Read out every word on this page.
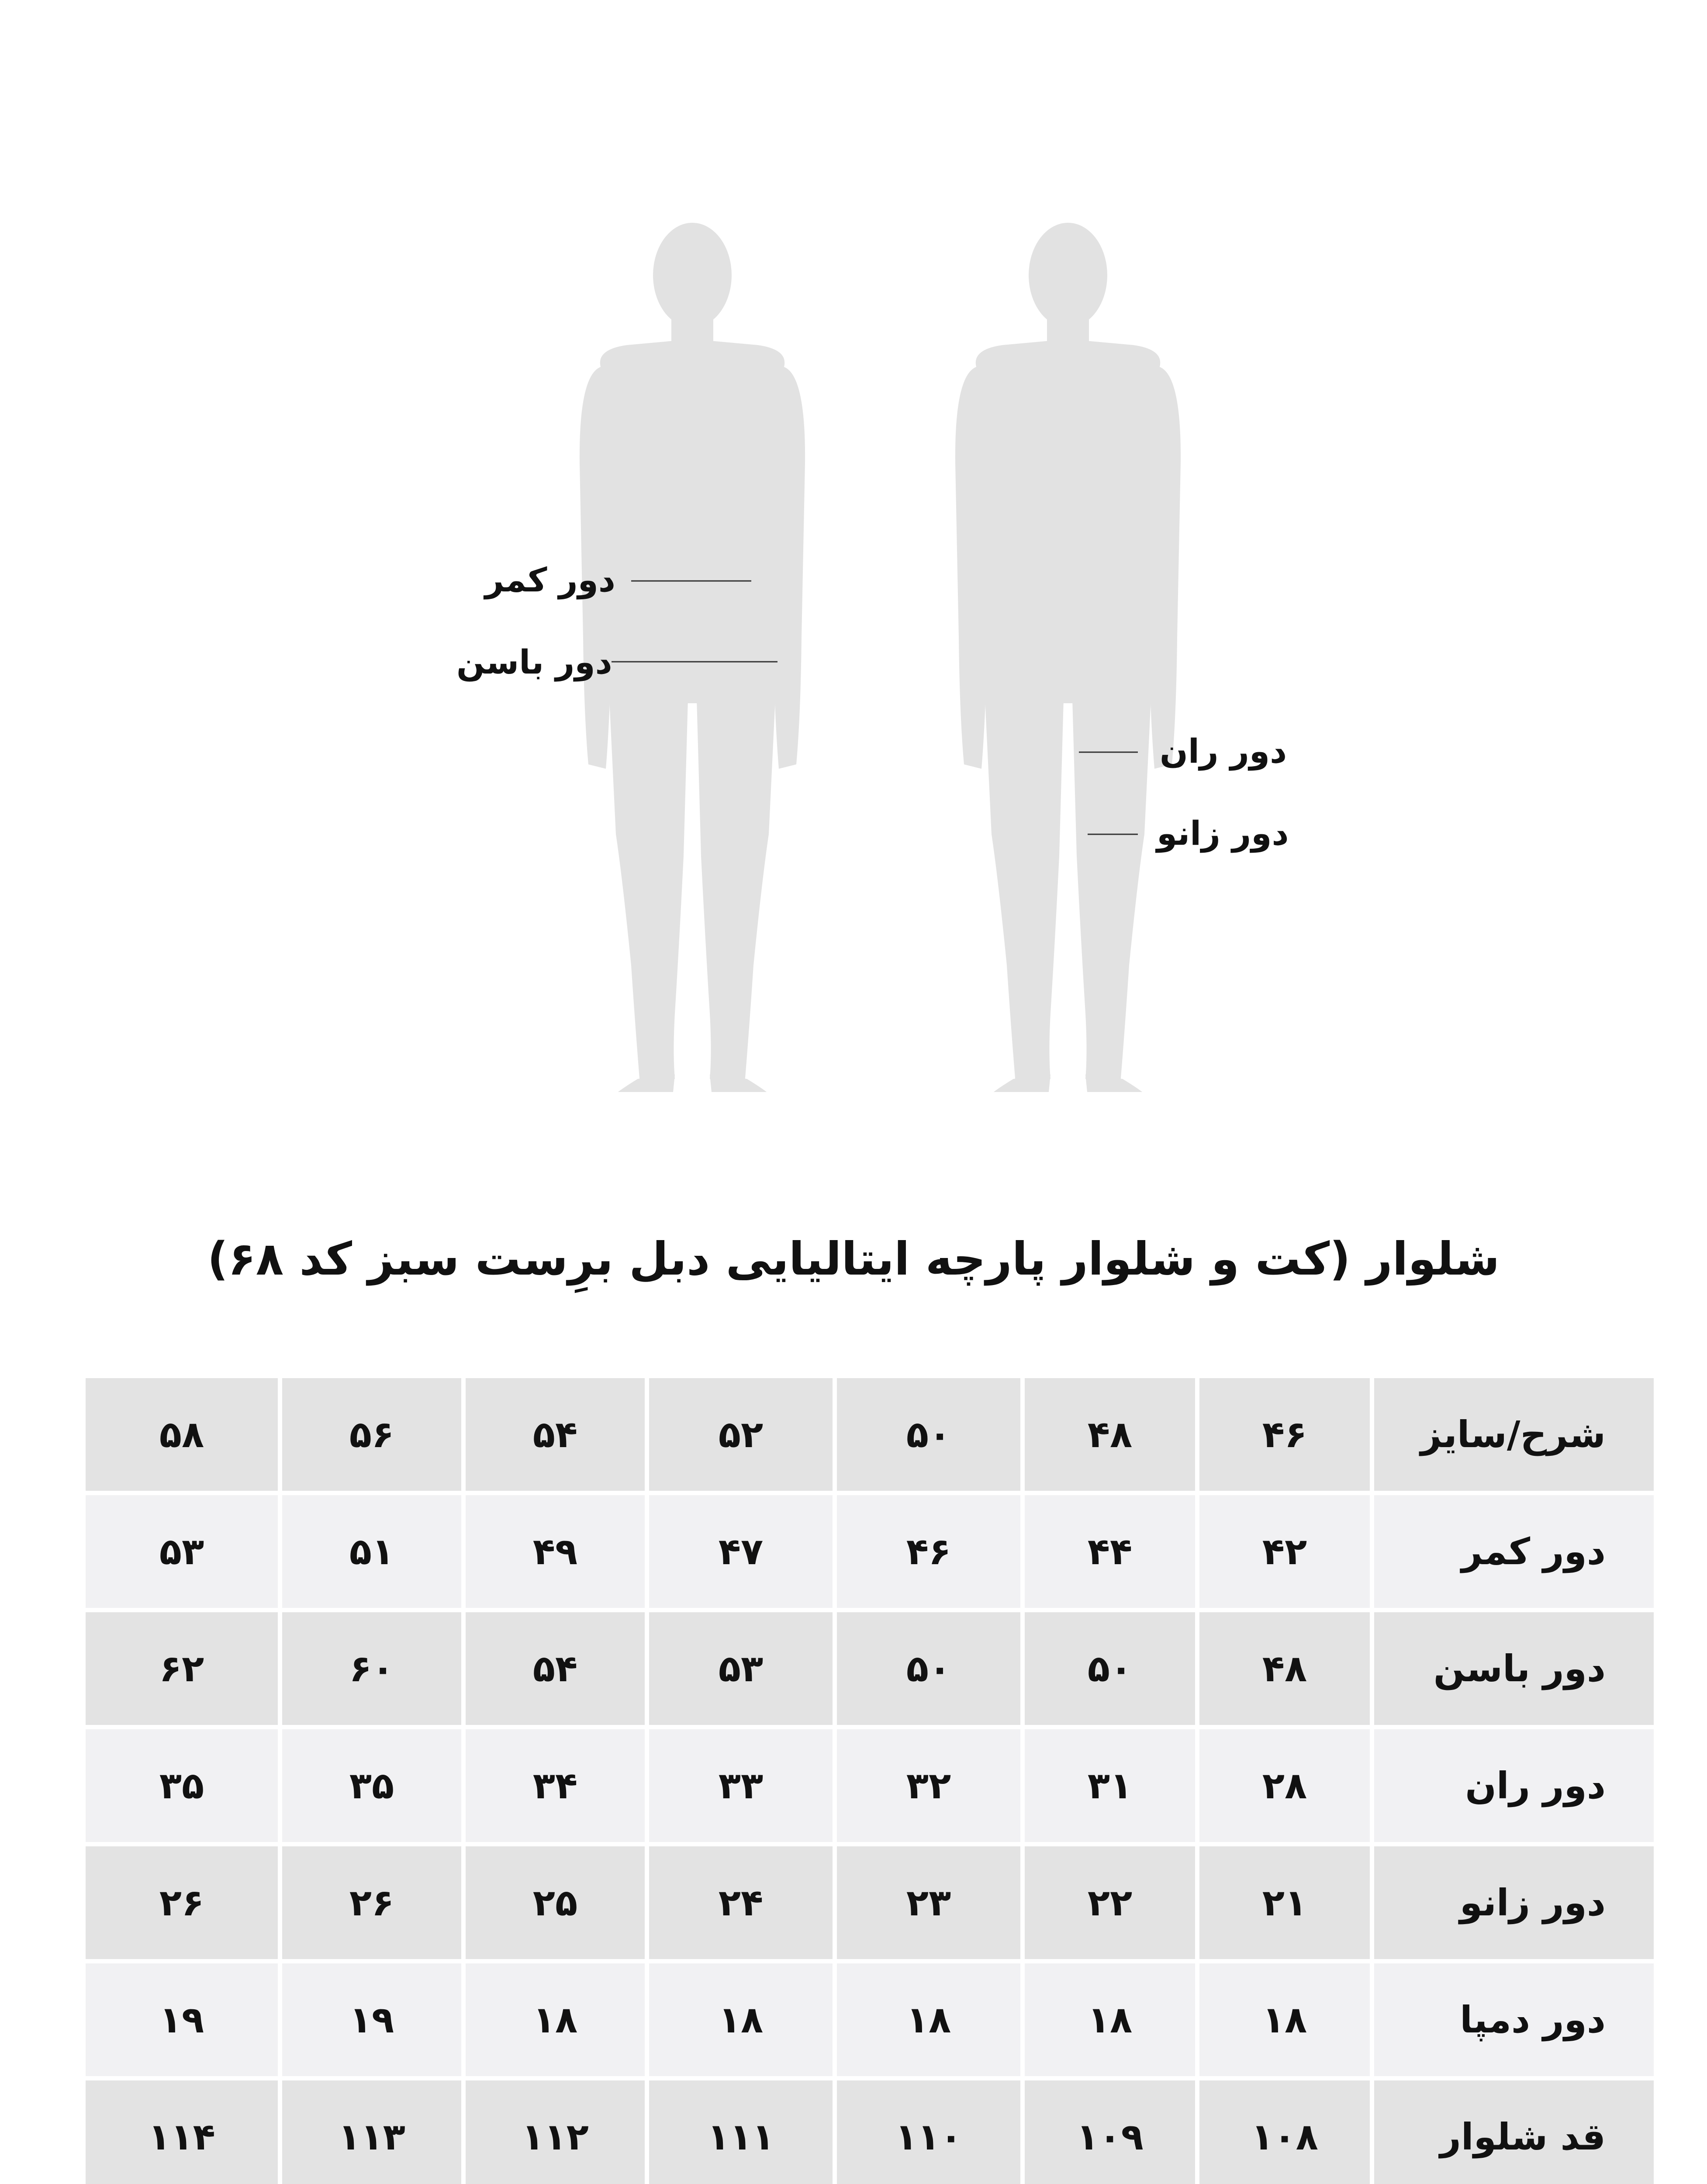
دور کمر
دور باسن
دور ران
دور زانو
شلوار (کت و شلوار پارچه ایتالیایی دبل برِست سبز کد ۶۸)
شرح/سایز	۴۶	۴۸	۵۰	۵۲	۵۴	۵۶	۵۸
دور کمر	۴۲	۴۴	۴۶	۴۷	۴۹	۵۱	۵۳
دور باسن	۴۸	۵۰	۵۰	۵۳	۵۴	۶۰	۶۲
دور ران	۲۸	۳۱	۳۲	۳۳	۳۴	۳۵	۳۵
دور زانو	۲۱	۲۲	۲۳	۲۴	۲۵	۲۶	۲۶
دور دمپا	۱۸	۱۸	۱۸	۱۸	۱۸	۱۹	۱۹
قد شلوار	۱۰۸	۱۰۹	۱۱۰	۱۱۱	۱۱۲	۱۱۳	۱۱۴
